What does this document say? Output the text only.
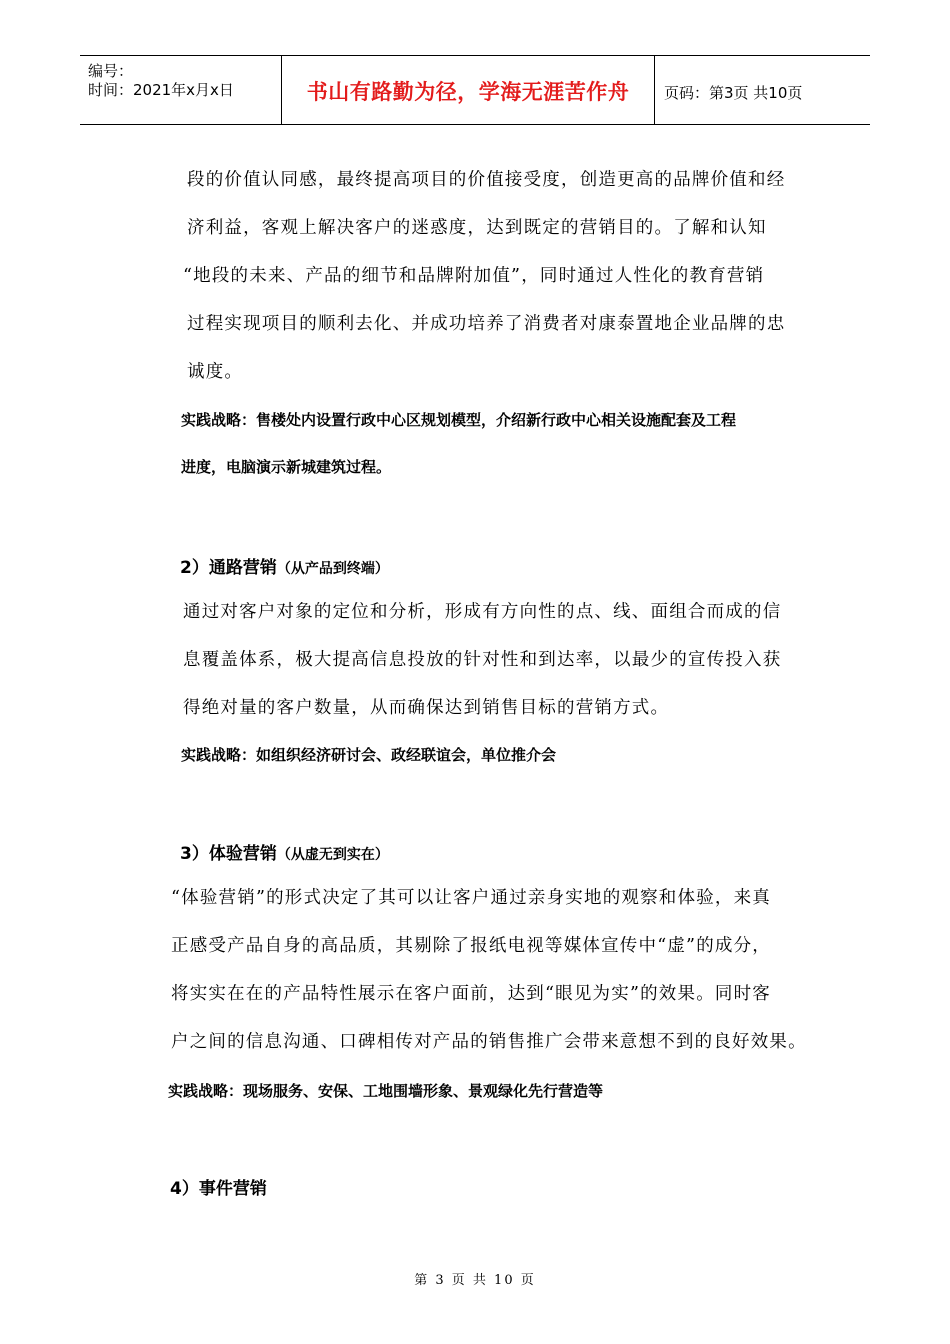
编号：
时间：2021年x月x日	书山有路勤为径，学海无涯苦作舟	页码：第3页 共10页
段的价值认同感，最终提高项目的价值接受度，创造更高的品牌价值和经
济利益，客观上解决客户的迷惑度，达到既定的营销目的。了解和认知
“地段的未来、产品的细节和品牌附加值”，同时通过人性化的教育营销
过程实现项目的顺利去化、并成功培养了消费者对康泰置地企业品牌的忠
诚度。
实践战略：售楼处内设置行政中心区规划模型，介绍新行政中心相关设施配套及工程
进度，电脑演示新城建筑过程。
2）通路营销（从产品到终端）
通过对客户对象的定位和分析，形成有方向性的点、线、面组合而成的信
息覆盖体系，极大提高信息投放的针对性和到达率，以最少的宣传投入获
得绝对量的客户数量，从而确保达到销售目标的营销方式。
实践战略：如组织经济研讨会、政经联谊会，单位推介会
3）体验营销（从虚无到实在）
“体验营销”的形式决定了其可以让客户通过亲身实地的观察和体验，来真
正感受产品自身的高品质，其剔除了报纸电视等媒体宣传中“虚”的成分，
将实实在在的产品特性展示在客户面前，达到“眼见为实”的效果。同时客
户之间的信息沟通、口碑相传对产品的销售推广会带来意想不到的良好效果。
实践战略：现场服务、安保、工地围墙形象、景观绿化先行营造等
4）事件营销
第 3 页 共 10 页
